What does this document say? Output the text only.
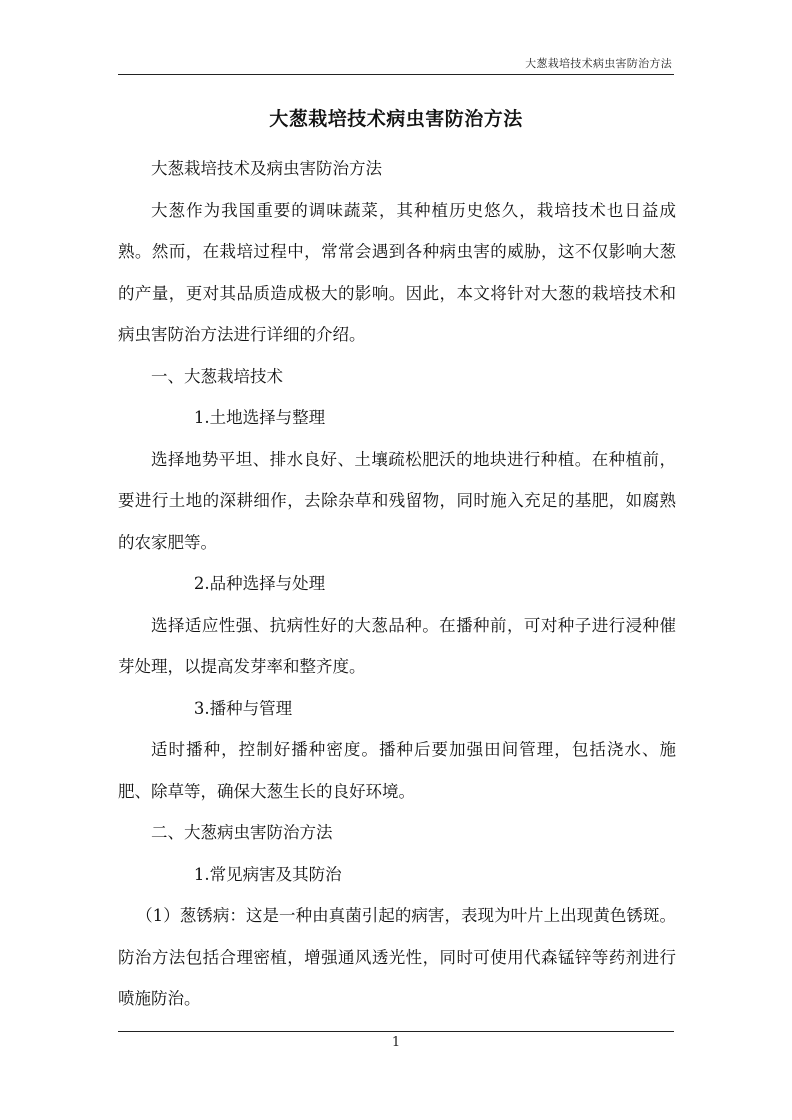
大葱栽培技术病虫害防治方法
大葱栽培技术病虫害防治方法

大葱栽培技术及病虫害防治方法

大葱作为我国重要的调味蔬菜，其种植历史悠久，栽培技术也日益成熟。然而，在栽培过程中，常常会遇到各种病虫害的威胁，这不仅影响大葱的产量，更对其品质造成极大的影响。因此，本文将针对大葱的栽培技术和病虫害防治方法进行详细的介绍。

一、大葱栽培技术

1.土地选择与整理

选择地势平坦、排水良好、土壤疏松肥沃的地块进行种植。在种植前，要进行土地的深耕细作，去除杂草和残留物，同时施入充足的基肥，如腐熟的农家肥等。

2.品种选择与处理

选择适应性强、抗病性好的大葱品种。在播种前，可对种子进行浸种催芽处理，以提高发芽率和整齐度。

3.播种与管理

适时播种，控制好播种密度。播种后要加强田间管理，包括浇水、施肥、除草等，确保大葱生长的良好环境。

二、大葱病虫害防治方法

1.常见病害及其防治

（1）葱锈病：这是一种由真菌引起的病害，表现为叶片上出现黄色锈斑。防治方法包括合理密植，增强通风透光性，同时可使用代森锰锌等药剂进行喷施防治。

1
